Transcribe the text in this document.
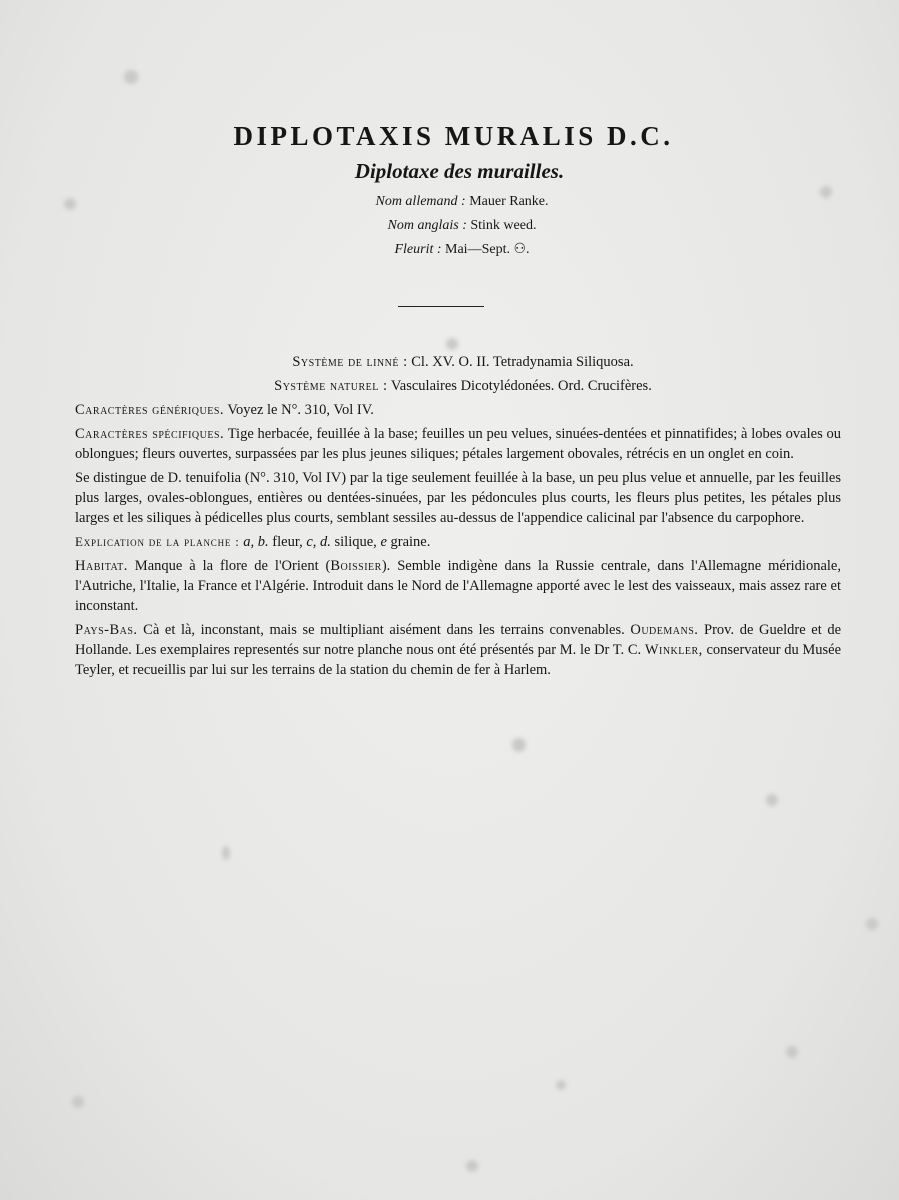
DIPLOTAXIS MURALIS D.C.
Diplotaxe des murailles.
Nom allemand : Mauer Ranke.
Nom anglais : Stink weed.
Fleurit : Mai—Sept. ⚇.

Système de linné : Cl. XV. O. II. Tetradynamia Siliquosa.

Système naturel : Vasculaires Dicotylédonées. Ord. Crucifères.

Caractères génériques. Voyez le N°. 310, Vol IV.

Caractères spécifiques. Tige herbacée, feuillée à la base; feuilles un peu velues, sinuées-dentées et pinnatifides; à lobes ovales ou oblongues; fleurs ouvertes, surpassées par les plus jeunes siliques; pétales largement obovales, rétrécis en un onglet en coin.

Se distingue de D. tenuifolia (N°. 310, Vol IV) par la tige seulement feuillée à la base, un peu plus velue et annuelle, par les feuilles plus larges, ovales-oblongues, entières ou dentées-sinuées, par les pédoncules plus courts, les fleurs plus petites, les pétales plus larges et les siliques à pédicelles plus courts, semblant sessiles au-dessus de l'appendice calicinal par l'absence du carpophore.

Explication de la planche : a, b. fleur, c, d. silique, e graine.

Habitat. Manque à la flore de l'Orient (Boissier). Semble indigène dans la Russie centrale, dans l'Allemagne méridionale, l'Autriche, l'Italie, la France et l'Algérie. Introduit dans le Nord de l'Allemagne apporté avec le lest des vaisseaux, mais assez rare et inconstant.

Pays-Bas. Cà et là, inconstant, mais se multipliant aisément dans les terrains convenables. Oudemans. Prov. de Gueldre et de Hollande. Les exemplaires representés sur notre planche nous ont été présentés par M. le Dr T. C. Winkler, conservateur du Musée Teyler, et recueillis par lui sur les terrains de la station du chemin de fer à Harlem.
